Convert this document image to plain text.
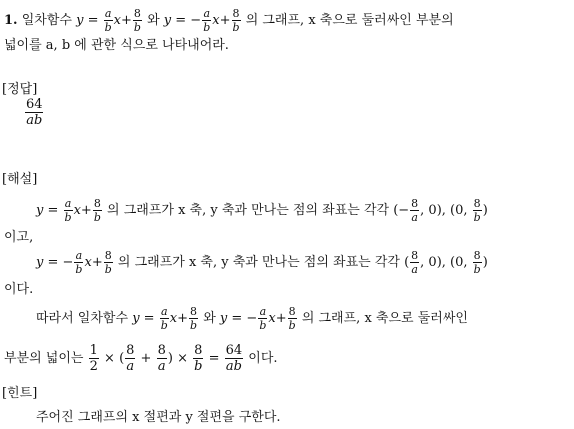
1. 일차함수 $y = \frac{a}{b} x+ \frac{8}{b}$ 와 y = − $\frac{a}{b} x+ \frac{8}{b}$ 의 그래프, x 축으로 둘러싸인 부분의
넓이를 a, b 에 관한 식으로 나타내어라.
[정답]
$\frac{64}{ab}$
[해설]
$y = \frac{a}{b} x+ \frac{8}{b}$ 의 그래프가 x 축, y 축과 만나는 점의 좌표는 각각 (− $\frac{8}{a}$ , 0), (0, $\frac{8}{b}$ )
이고,
y = − $\frac{a}{b} x+ \frac{8}{b}$ 의 그래프가 x 축, y 축과 만나는 점의 좌표는 각각 ( $\frac{8}{a}$ , 0), (0, $\frac{8}{b}$ )
이다.
따라서 일차함수 $y = \frac{a}{b} x+ \frac{8}{b}$ 와 y = − $\frac{a}{b} x+ \frac{8}{b}$ 의 그래프, x 축으로 둘러싸인
부분의 넓이는 $\frac{1}{2}$ × ( $\frac{8}{a} + \frac{8}{a}$ ) × $\frac{8}{b} = \frac{64}{ab}$ 이다.
[힌트]
주어진 그래프의 x 절편과 y 절편을 구한다.
